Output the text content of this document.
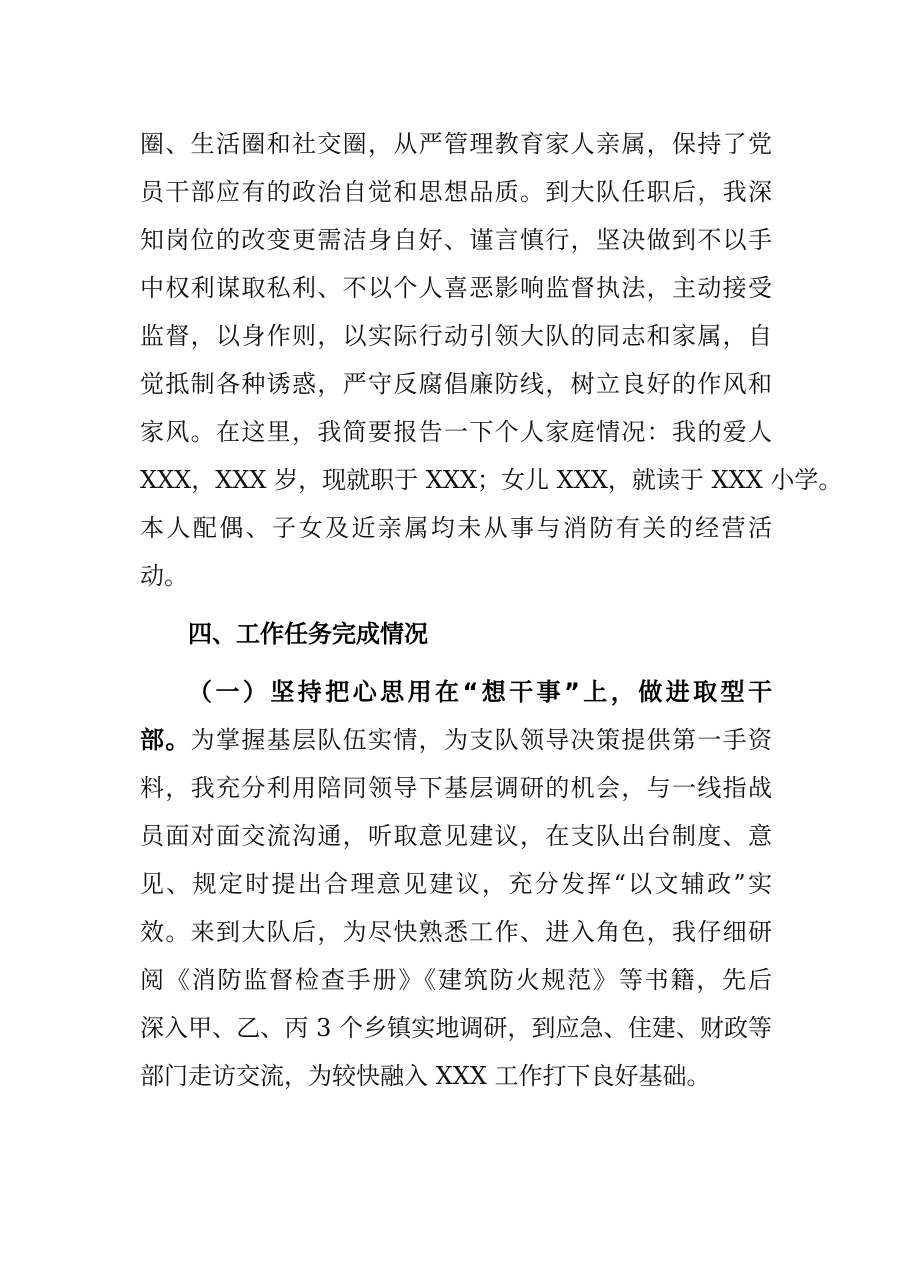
圈、生活圈和社交圈，从严管理教育家人亲属，保持了党

员干部应有的政治自觉和思想品质。到大队任职后，我深

知岗位的改变更需洁身自好、谨言慎行，坚决做到不以手

中权利谋取私利、不以个人喜恶影响监督执法，主动接受

监督，以身作则，以实际行动引领大队的同志和家属，自

觉抵制各种诱惑，严守反腐倡廉防线，树立良好的作风和

家风。在这里，我简要报告一下个人家庭情况：我的爱人

XXX，XXX 岁，现就职于 XXX；女儿 XXX，就读于 XXX 小学。

本人配偶、子女及近亲属均未从事与消防有关的经营活

动。

四、工作任务完成情况

（一）坚持把心思用在“想干事”上，做进取型干

部。为掌握基层队伍实情，为支队领导决策提供第一手资

料，我充分利用陪同领导下基层调研的机会，与一线指战

员面对面交流沟通，听取意见建议，在支队出台制度、意

见、规定时提出合理意见建议，充分发挥“以文辅政”实

效。来到大队后，为尽快熟悉工作、进入角色，我仔细研

阅《消防监督检查手册》《建筑防火规范》等书籍，先后

深入甲、乙、丙 3 个乡镇实地调研，到应急、住建、财政等

部门走访交流，为较快融入 XXX 工作打下良好基础。
